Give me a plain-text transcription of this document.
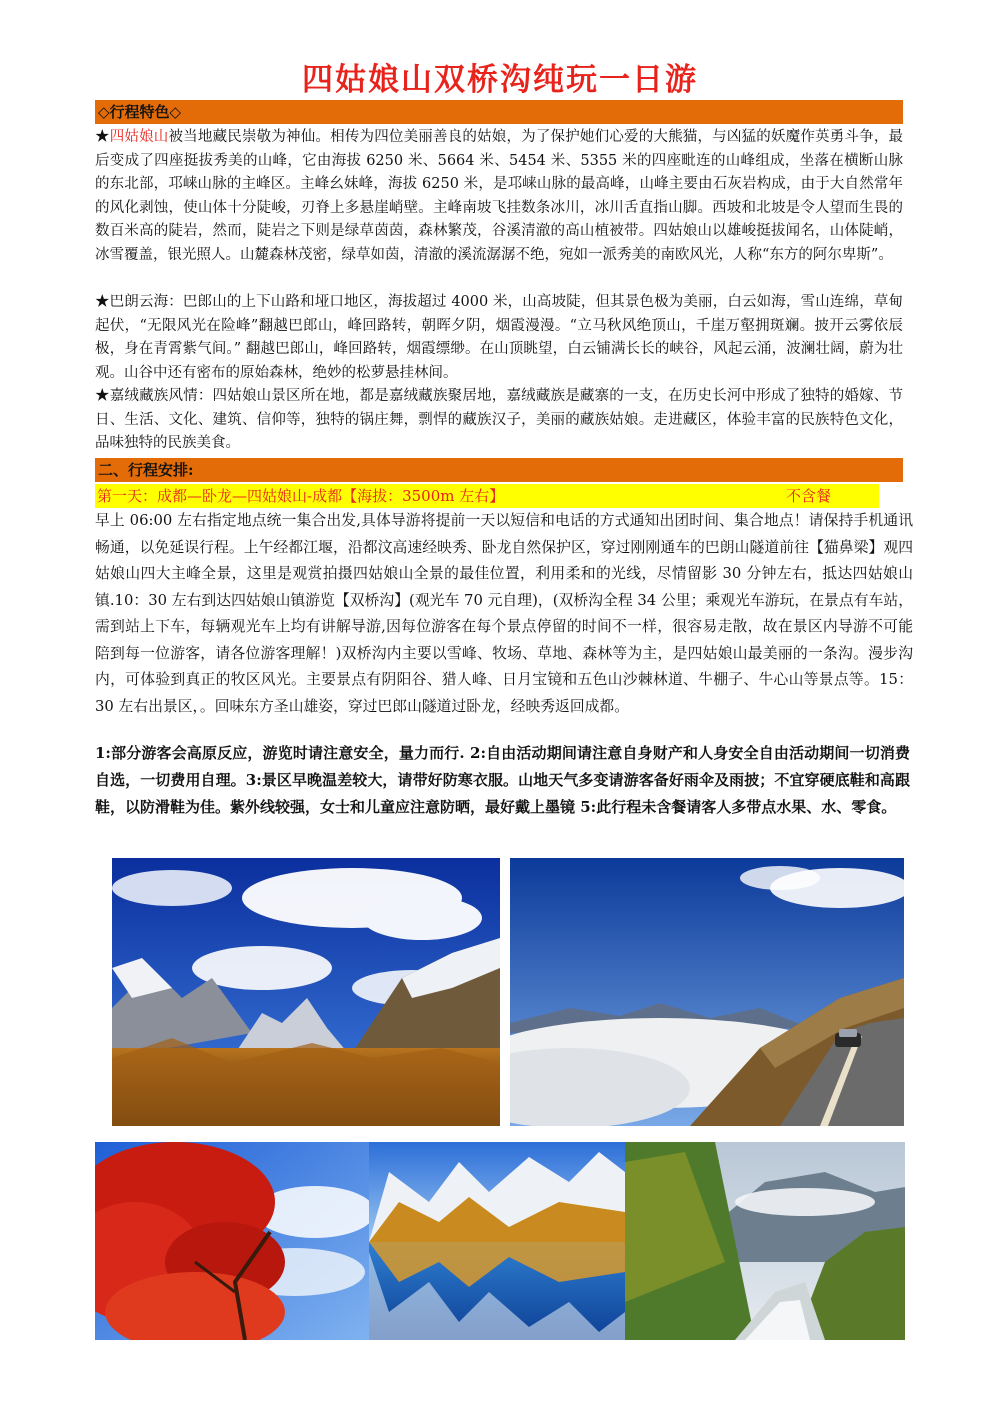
四姑娘山双桥沟纯玩一日游
◇行程特色◇

★四姑娘山被当地藏民崇敬为神仙。相传为四位美丽善良的姑娘，为了保护她们心爱的大熊猫，与凶猛的妖魔作英勇斗争，最后变成了四座挺拔秀美的山峰，它由海拔 6250 米、5664 米、5454 米、5355 米的四座毗连的山峰组成，坐落在横断山脉的东北部，邛崃山脉的主峰区。主峰幺妹峰，海拔 6250 米，是邛崃山脉的最高峰，山峰主要由石灰岩构成，由于大自然常年的风化剥蚀，使山体十分陡峻，刃脊上多悬崖峭壁。主峰南坡飞挂数条冰川，冰川舌直指山脚。西坡和北坡是令人望而生畏的数百米高的陡岩，然而，陡岩之下则是绿草茵茵，森林繁茂，谷溪清澈的高山植被带。四姑娘山以雄峻挺拔闻名，山体陡峭，冰雪覆盖，银光照人。山麓森林茂密，绿草如茵，清澈的溪流潺潺不绝，宛如一派秀美的南欧风光，人称“东方的阿尔卑斯”。

★巴朗云海：巴郎山的上下山路和垭口地区，海拔超过 4000 米，山高坡陡，但其景色极为美丽，白云如海，雪山连绵，草甸起伏，“无限风光在险峰”翻越巴郎山，峰回路转，朝晖夕阴，烟霞漫漫。“立马秋风绝顶山，千崖万壑拥斑斓。披开云雾依辰极，身在青霄紫气间。” 翻越巴郎山，峰回路转，烟霞缥缈。在山顶眺望，白云铺满长长的峡谷，风起云涌，波澜壮阔，蔚为壮观。山谷中还有密布的原始森林，绝妙的松萝悬挂林间。

★嘉绒藏族风情：四姑娘山景区所在地，都是嘉绒藏族聚居地，嘉绒藏族是藏寨的一支，在历史长河中形成了独特的婚嫁、节日、生活、文化、建筑、信仰等，独特的锅庄舞，剽悍的藏族汉子，美丽的藏族姑娘。走进藏区，体验丰富的民族特色文化，品味独特的民族美食。

二、行程安排:
第一天：成都—卧龙—四姑娘山-成都【海拔：3500m 左右】	不含餐

早上 06:00 左右指定地点统一集合出发,具体导游将提前一天以短信和电话的方式通知出团时间、集合地点！请保持手机通讯畅通，以免延误行程。上午经都江堰，沿都汶高速经映秀、卧龙自然保护区，穿过刚刚通车的巴朗山隧道前往【猫鼻梁】观四姑娘山四大主峰全景，这里是观赏拍摄四姑娘山全景的最佳位置，利用柔和的光线，尽情留影 30 分钟左右，抵达四姑娘山镇.10：30 左右到达四姑娘山镇游览【双桥沟】(观光车 70 元自理)，(双桥沟全程 34 公里；乘观光车游玩，在景点有车站，需到站上下车，每辆观光车上均有讲解导游,因每位游客在每个景点停留的时间不一样，很容易走散，故在景区内导游不可能陪到每一位游客，请各位游客理解！)双桥沟内主要以雪峰、牧场、草地、森林等为主，是四姑娘山最美丽的一条沟。漫步沟内，可体验到真正的牧区风光。主要景点有阴阳谷、猎人峰、日月宝镜和五色山沙棘林道、牛棚子、牛心山等景点等。15：30 左右出景区，。回味东方圣山雄姿，穿过巴郎山隧道过卧龙，经映秀返回成都。

1:部分游客会高原反应，游览时请注意安全，量力而行. 2:自由活动期间请注意自身财产和人身安全自由活动期间一切消费自选，一切费用自理。3:景区早晚温差较大，请带好防寒衣服。山地天气多变请游客备好雨伞及雨披；不宜穿硬底鞋和高跟鞋，以防滑鞋为佳。紫外线较强，女士和儿童应注意防晒，最好戴上墨镜 5:此行程未含餐请客人多带点水果、水、零食。
